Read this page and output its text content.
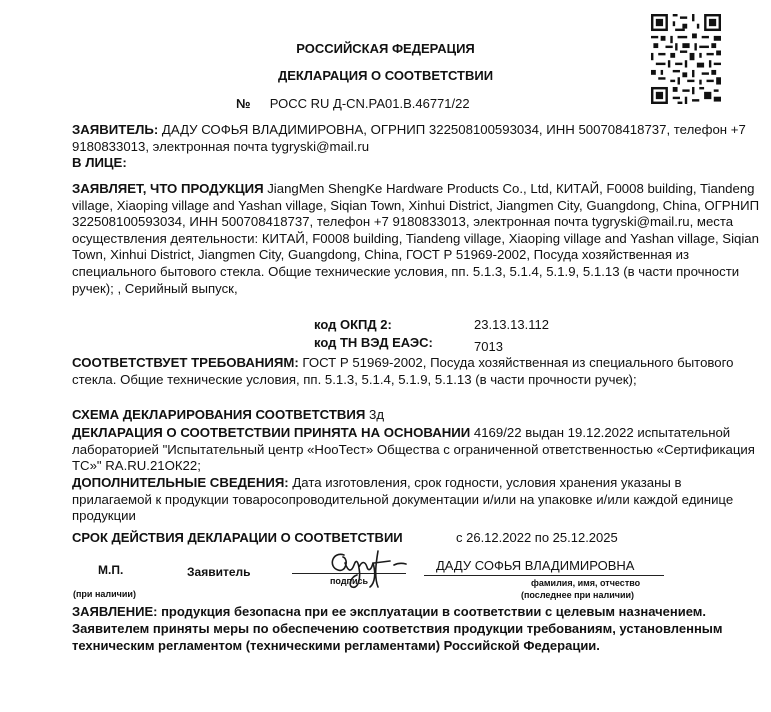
РОССИЙСКАЯ ФЕДЕРАЦИЯ
ДЕКЛАРАЦИЯ О СООТВЕТСТВИИ
№ РОСС RU Д-CN.РА01.В.46771/22
ЗАЯВИТЕЛЬ: ДАДУ СОФЬЯ ВЛАДИМИРОВНА, ОГРНИП 322508100593034, ИНН 500708418737, телефон +7 9180833013, электронная почта tygryski@mail.ru
В ЛИЦЕ:
ЗАЯВЛЯЕТ, ЧТО ПРОДУКЦИЯ JiangMen ShengKe Hardware Products Co., Ltd, КИТАЙ, F0008 building, Tiandeng village, Xiaoping village and Yashan village, Siqian Town, Xinhui District, Jiangmen City, Guangdong, China, ОГРНИП 322508100593034, ИНН 500708418737, телефон +7 9180833013, электронная почта tygryski@mail.ru, места осуществления деятельности: КИТАЙ, F0008 building, Tiandeng village, Xiaoping village and Yashan village, Siqian Town, Xinhui District, Jiangmen City, Guangdong, China, ГОСТ Р 51969-2002, Посуда хозяйственная из специального бытового стекла. Общие технические условия, пп. 5.1.3, 5.1.4, 5.1.9, 5.1.13 (в части прочности ручек); , Серийный выпуск,
код ОКПД 2:	23.13.13.112
код ТН ВЭД ЕАЭС:	7013
СООТВЕТСТВУЕТ ТРЕБОВАНИЯМ: ГОСТ Р 51969-2002, Посуда хозяйственная из специального бытового стекла. Общие технические условия, пп. 5.1.3, 5.1.4, 5.1.9, 5.1.13 (в части прочности ручек);
СХЕМА ДЕКЛАРИРОВАНИЯ СООТВЕТСТВИЯ 3д
ДЕКЛАРАЦИЯ О СООТВЕТСТВИИ ПРИНЯТА НА ОСНОВАНИИ 4169/22 выдан 19.12.2022 испытательной лабораторией "Испытательный центр «НооТест» Общества с ограниченной ответственностью «Сертификация ТС»" RA.RU.21ОК22;
ДОПОЛНИТЕЛЬНЫЕ СВЕДЕНИЯ: Дата изготовления, срок годности, условия хранения указаны в прилагаемой к продукции товаросопроводительной документации и/или на упаковке и/или каждой единице продукции
СРОК ДЕЙСТВИЯ ДЕКЛАРАЦИИ О СООТВЕТСТВИИ	с 26.12.2022 по 25.12.2025
М.П.
(при наличии)
Заявитель
подпись
ДАДУ СОФЬЯ ВЛАДИМИРОВНА
фамилия, имя, отчество
(последнее при наличии)
ЗАЯВЛЕНИЕ: продукция безопасна при ее эксплуатации в соответствии с целевым назначением. Заявителем приняты меры по обеспечению соответствия продукции требованиям, установленным техническим регламентом (техническими регламентами) Российской Федерации.
